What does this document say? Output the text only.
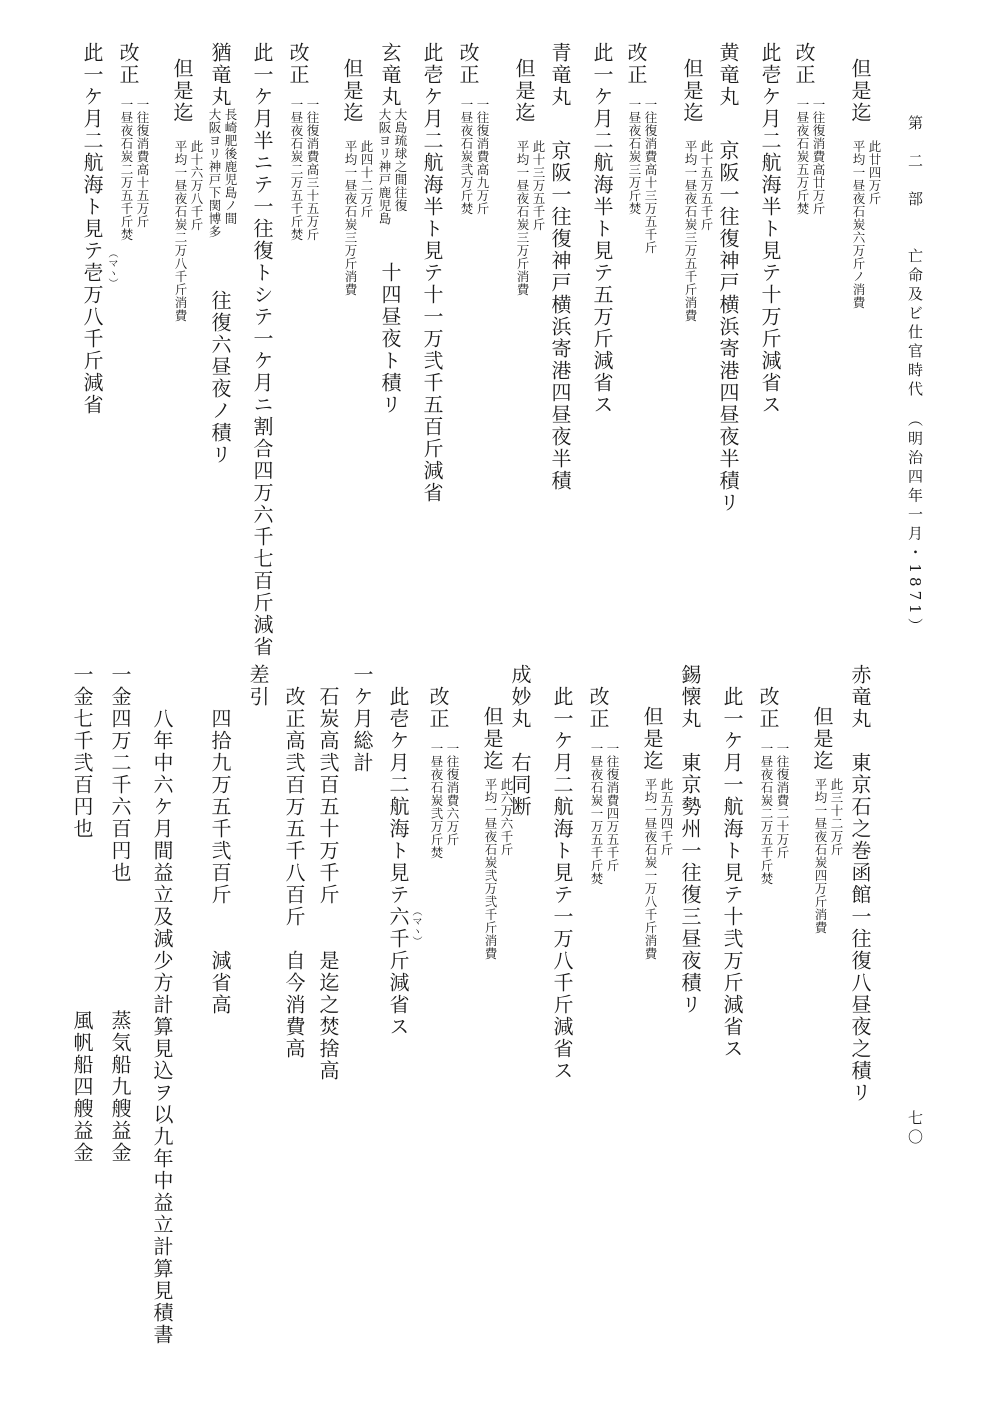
第　二　部　　亡命及ビ仕官時代　（明治四年一月・1871）
七〇
但是迄
平均一昼夜石炭六万斤ノ消費 此廿四万斤
改正
一昼夜石炭五万斤焚 一往復消費高廿万斤
此壱ケ月二航海半ト見テ十万斤減省ス
黄竜丸
京阪一往復神戸横浜寄港四昼夜半積リ
但是迄
平均一昼夜石炭三万五千斤消費 此十五万五千斤
改正
一昼夜石炭三万斤焚 一往復消費高十三万五千斤
此一ケ月二航海半ト見テ五万斤減省ス
青竜丸
京阪一往復神戸横浜寄港四昼夜半積
但是迄
平均一昼夜石炭三万斤消費 此十三万五千斤
改正
一昼夜石炭弐万斤焚 一往復消費高九万斤
此壱ケ月二航海半ト見テ十一万弐千五百斤減省
玄竜丸
大阪ヨリ神戸鹿児島 大島琉球之間往復
十四昼夜ト積リ
但是迄
平均一昼夜石炭三万斤消費 此四十二万斤
改正
一昼夜石炭二万五千斤焚 一往復消費高三十五万斤
此一ケ月半ニテ一往復トシテ一ケ月ニ割合四万六千七百斤減省
猶竜丸
大阪ヨリ神戸下関博多 長崎肥後鹿児島ノ間
往復六昼夜ノ積リ
但是迄
平均一昼夜石炭二万八千斤消費 此十六万八千斤
改正
一昼夜石炭二万五千斤焚 一往復消費高十五万斤
（マヽ）
此一ケ月二航海ト見テ壱万八千斤減省
赤竜丸　東京石之巻函館一往復八昼夜之積リ
但是迄
平均一昼夜石炭四万斤消費 此三十二万斤
改正
一昼夜石炭二万五千斤焚 一往復消費二十万斤
此一ケ月一航海ト見テ十弐万斤減省ス
錫懐丸　東京勢州一往復三昼夜積リ
但是迄
平均一昼夜石炭一万八千斤消費 此五万四千斤
改正
一昼夜石炭一万五千斤焚 一往復消費四万五千斤
此一ケ月二航海ト見テ一万八千斤減省ス
成妙丸　右同断
但是迄
平均一昼夜石炭弐万弐千斤消費 此六万六千斤
改正
一昼夜石炭弐万斤焚 一往復消費六万斤
（マヽ）
此壱ケ月二航海ト見テ六千斤減省ス
一ケ月総計
石炭高弐百五十万千斤
是迄之焚捨高
改正高弐百万五千八百斤
自今消費高
差引
四拾九万五千弐百斤
減省高
八年中六ケ月間益立及減少方計算見込ヲ以九年中益立計算見積書
一金四万二千六百円也
蒸気船九艘益金
一金七千弐百円也
風帆船四艘益金
